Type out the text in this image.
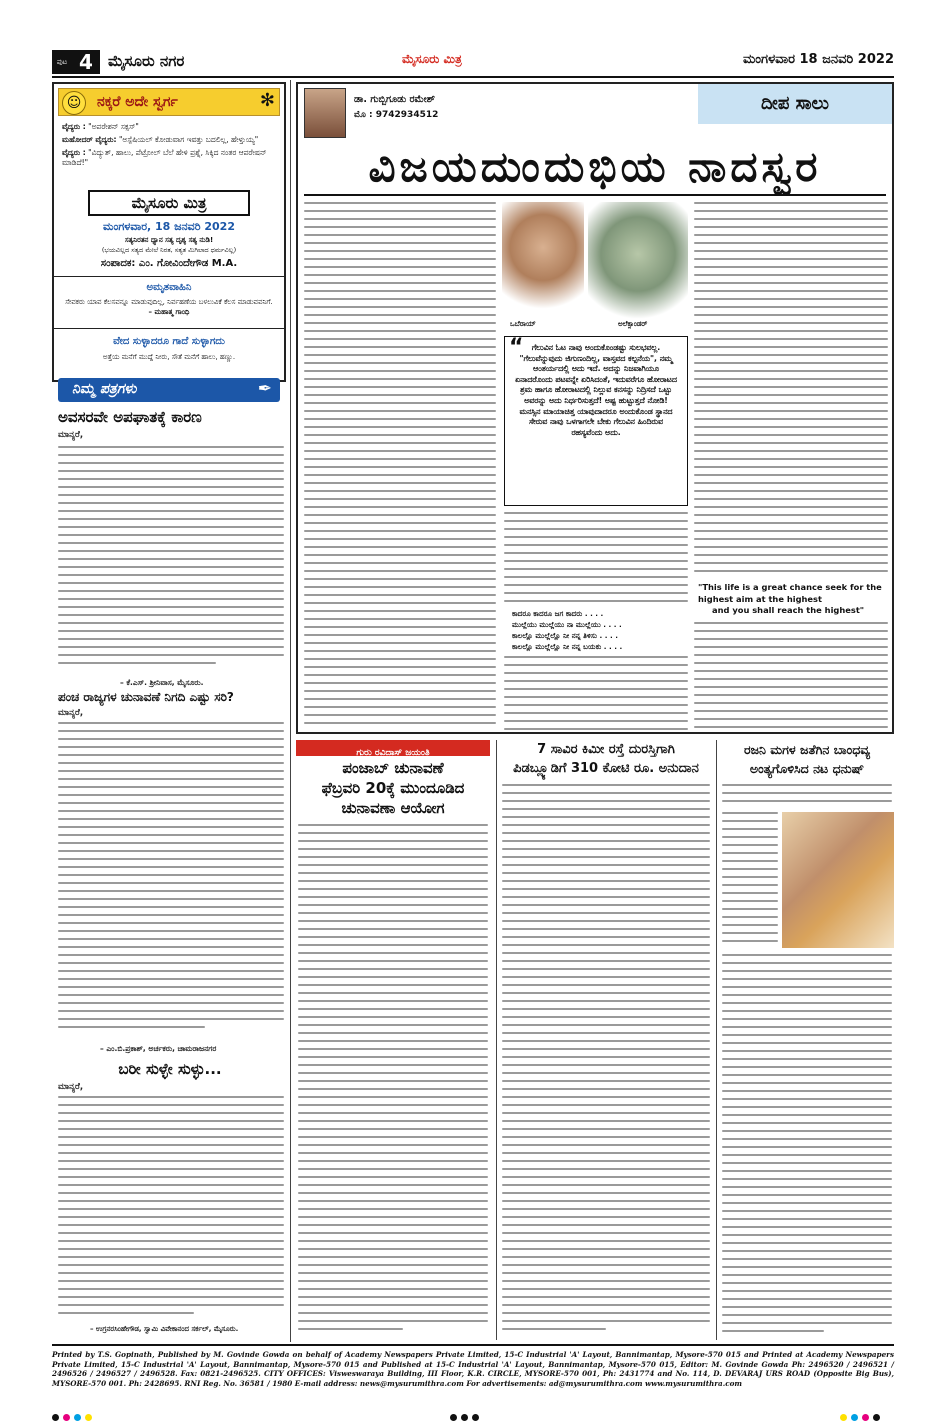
ಪುಟ 4	ಮೈಸೂರು ನಗರ	ಮೈಸೂರು ಮಿತ್ರ	ಮಂಗಳವಾರ 18 ಜನವರಿ 2022
☺	ನಕ್ಕರೆ ಅದೇ ಸ್ವರ್ಗ	✻
ವೈದ್ಯರು : "ಅಪರೇಶನ್ ಸಕ್ಸಸ್"
ಮಹೋದರ್ ವೈದ್ಯರು: "ಅಸ್ಪೆಷಿಯಲ್ ಕೋಡುವಾಗ ಇವತ್ತು ಬದಲಿಲ್ಲ, ಹೇಳ್ತುಯ್ಯ"
ವೈದ್ಯರು : "ವಿದ್ಯುತ್, ಹಾಲು, ಪೆಟ್ರೋಲ್ ಬೆಲೆ ಹೇಳಿ ಪ್ರಶ್ನೆ, ಸಿಕ್ಕಿದ ನಂತರ ಆಪರೇಷನ್ ಮಾಡಿದೆ!"
ಮೈಸೂರು ಮಿತ್ರ
ಮಂಗಳವಾರ, 18 ಜನವರಿ 2022
ಸತ್ಯನಿರತನ ಧ್ಯಾನ ಸತ್ಯ ದೃಶ್ಯ ಸತ್ಯ ನುಡಿ!
(ಭಯವಿಲ್ಲದ ಸತ್ಯದ ಮೇಲೆ ನಿರತ, ಸತ್ಯತ ಮಿಗಿಲಾದ ಧರ್ಮವಿಲ್ಲ)
ಸಂಪಾದಕ: ಎಂ. ಗೋವಿಂದೇಗೌಡ M.A.
ಅಮೃತವಾಹಿನಿ
ಸೇವಕರು ಯಾವ ಕೆಲಸವನ್ನೂ ಮಾಡುವುದಿಲ್ಲ, ನಿರ್ವಹಣೆಯ ಬಳಲುವಿಕೆ ಕೆಲಸ ಮಾಡುವವನಿಗೆ. – ಮಹಾತ್ಮ ಗಾಂಧಿ
ವೇದ ಸುಳ್ಳಾದರೂ ಗಾದೆ ಸುಳ್ಳಾಗದು
ಅತ್ತೆಯ ಮನೆಗೆ ಮುದ್ದೆ ನೀರು, ಸೌತೆ ಮನೆಗೆ ಹಾಲು, ಹಣ್ಣು.
ನಿಮ್ಮ ಪತ್ರಗಳು	✒
ಅವಸರವೇ ಅಪಘಾತಕ್ಕೆ ಕಾರಣ
ಮಾನ್ಯರೆ,
– ಕೆ.ಎಸ್. ಶ್ರೀನಿವಾಸ, ಮೈಸೂರು.
ಪಂಚ ರಾಜ್ಯಗಳ ಚುನಾವಣೆ ನಿಗದಿ ಎಷ್ಟು ಸರಿ?
ಮಾನ್ಯರೆ,
– ಎಂ.ಬಿ.ಪ್ರಕಾಶ್, ಅರ್ಚಕರು, ಚಾಮರಾಜನಗರ
ಬರೀ ಸುಳ್ಳೇ ಸುಳ್ಳು...
ಮಾನ್ಯರೆ,
– ಉಗ್ರನರಸಿಂಹೇಗೌಡ, ಸ್ವಾಮಿ ವಿವೇಕಾನಂದ ಸರ್ಕಲ್, ಮೈಸೂರು.
ಡಾ. ಗುಬ್ಬಿಗೂಡು ರಮೇಶ್
ಮೊ : 9742934512
ದೀಪ ಸಾಲು
ವಿಜಯದುಂದುಭಿಯ ನಾದಸ್ವರ
ಒಬೆರಾಯ್	ಅಲೆಕ್ಸಾಂಡರ್
“	ಗೆಲುವಿನ ಓಟ ನಾವು ಅಂದುಕೊಂಡಷ್ಟು ಸುಲಭವಲ್ಲ. "ಗೆಲುವೆನ್ನುವುದು ಜಿಗುಣಂದಿಲ್ಲ, ವಾಸ್ತವದ ಕಲ್ಪನೆಯ", ನಮ್ಮ ಆಂತರ್ಯದಲ್ಲಿ ಅದು ಇದೆ. ಅದನ್ನು ನಿಜವಾಗಿಯೂ ಏನಾದರೊಂದು ಪಟವನ್ನೇ ಏರಿಸಿದಂತೆ, ಇದುವರೆಗೂ ಹೋರಾಟದ ಶ್ರಮ ಹಾಗೂ ಹೋರಾಟದಲ್ಲಿ ನಿಲ್ಲುವ ಕನಸನ್ನು ನಿದ್ರಿಸದೆ ಒಟ್ಟು ಅವರನ್ನು ಅದು ನಿರ್ಧರಿಸುತ್ತದೆ! ಅಷ್ಟ ಹುಟ್ಟುತ್ತದೆ ನೋಡಿ! ಮನಸ್ಸಿನ ಮಾಯಾಚಿತ್ತ ಯಾವುದಾದರೂ ಅಂದುಕೊಂಡ ಸ್ಥಾನದ ಸೇರುವ ನಾವು ಒಳಗಾಗಲೇ ಬೇಕು ಗೆಲುವಿನ ಹಿಂದಿರುವ ರಹಸ್ಯವೆಂದು ಅದು.
ಕಾದರೂ ಕಾದರೂ ಜಗ ಕಾದರು . . . .
ಮುಲ್ಲೆಯು ಮುಲ್ಲೆಯು ನಾ ಮುಲ್ಲೆಯು . . . .
ಕಾಲಲ್ಲೊ ಮುಲ್ಲೆಲ್ಲೊ ನೀ ನನ್ನ ತಿಳಿಸು . . . .
ಕಾಲಲ್ಲೊ ಮುಲ್ಲೆಲ್ಲೊ ನೀ ನನ್ನ ಬಯಕು . . . .
"This life is a great chance seek for the
highest aim at the highest
and you shall reach the highest"
ಗುರು ರವಿದಾಸ್ ಜಯಂತಿ
ಪಂಜಾಬ್ ಚುನಾವಣೆ
ಫೆಬ್ರವರಿ 20ಕ್ಕೆ ಮುಂದೂಡಿದ
ಚುನಾವಣಾ ಆಯೋಗ
7 ಸಾವಿರ ಕಿಮೀ ರಸ್ತೆ ದುರಸ್ತಿಗಾಗಿ
ಪಿಡಬ್ಲ್ಯೂಡಿಗೆ 310 ಕೋಟಿ ರೂ. ಅನುದಾನ
ರಜನಿ ಮಗಳ ಜತೆಗಿನ ಬಾಂಧವ್ಯ
ಅಂತ್ಯಗೊಳಿಸಿದ ನಟ ಧನುಷ್
Printed by T.S. Gopinath, Published by M. Govinde Gowda on behalf of Academy Newspapers Private Limited, 15-C Industrial 'A' Layout, Bannimantap, Mysore-570 015 and Printed at Academy Newspapers Private Limited, 15-C Industrial 'A' Layout, Bannimantap, Mysore-570 015 and Published at 15-C Industrial 'A' Layout, Bannimantap, Mysore-570 015, Editor: M. Govinde Gowda Ph: 2496520 / 2496521 / 2496526 / 2496527 / 2496528. Fax: 0821-2496525. CITY OFFICES: Visweswaraya Building, III Floor, K.R. CIRCLE, MYSORE-570 001, Ph: 2431774 and No. 114, D. DEVARAJ URS ROAD (Opposite Big Bus), MYSORE-570 001. Ph: 2428695. RNI Reg. No. 36581 / 1980 E-mail address: news@mysurumithra.com For advertisements: ad@mysurumithra.com www.mysurumithra.com
